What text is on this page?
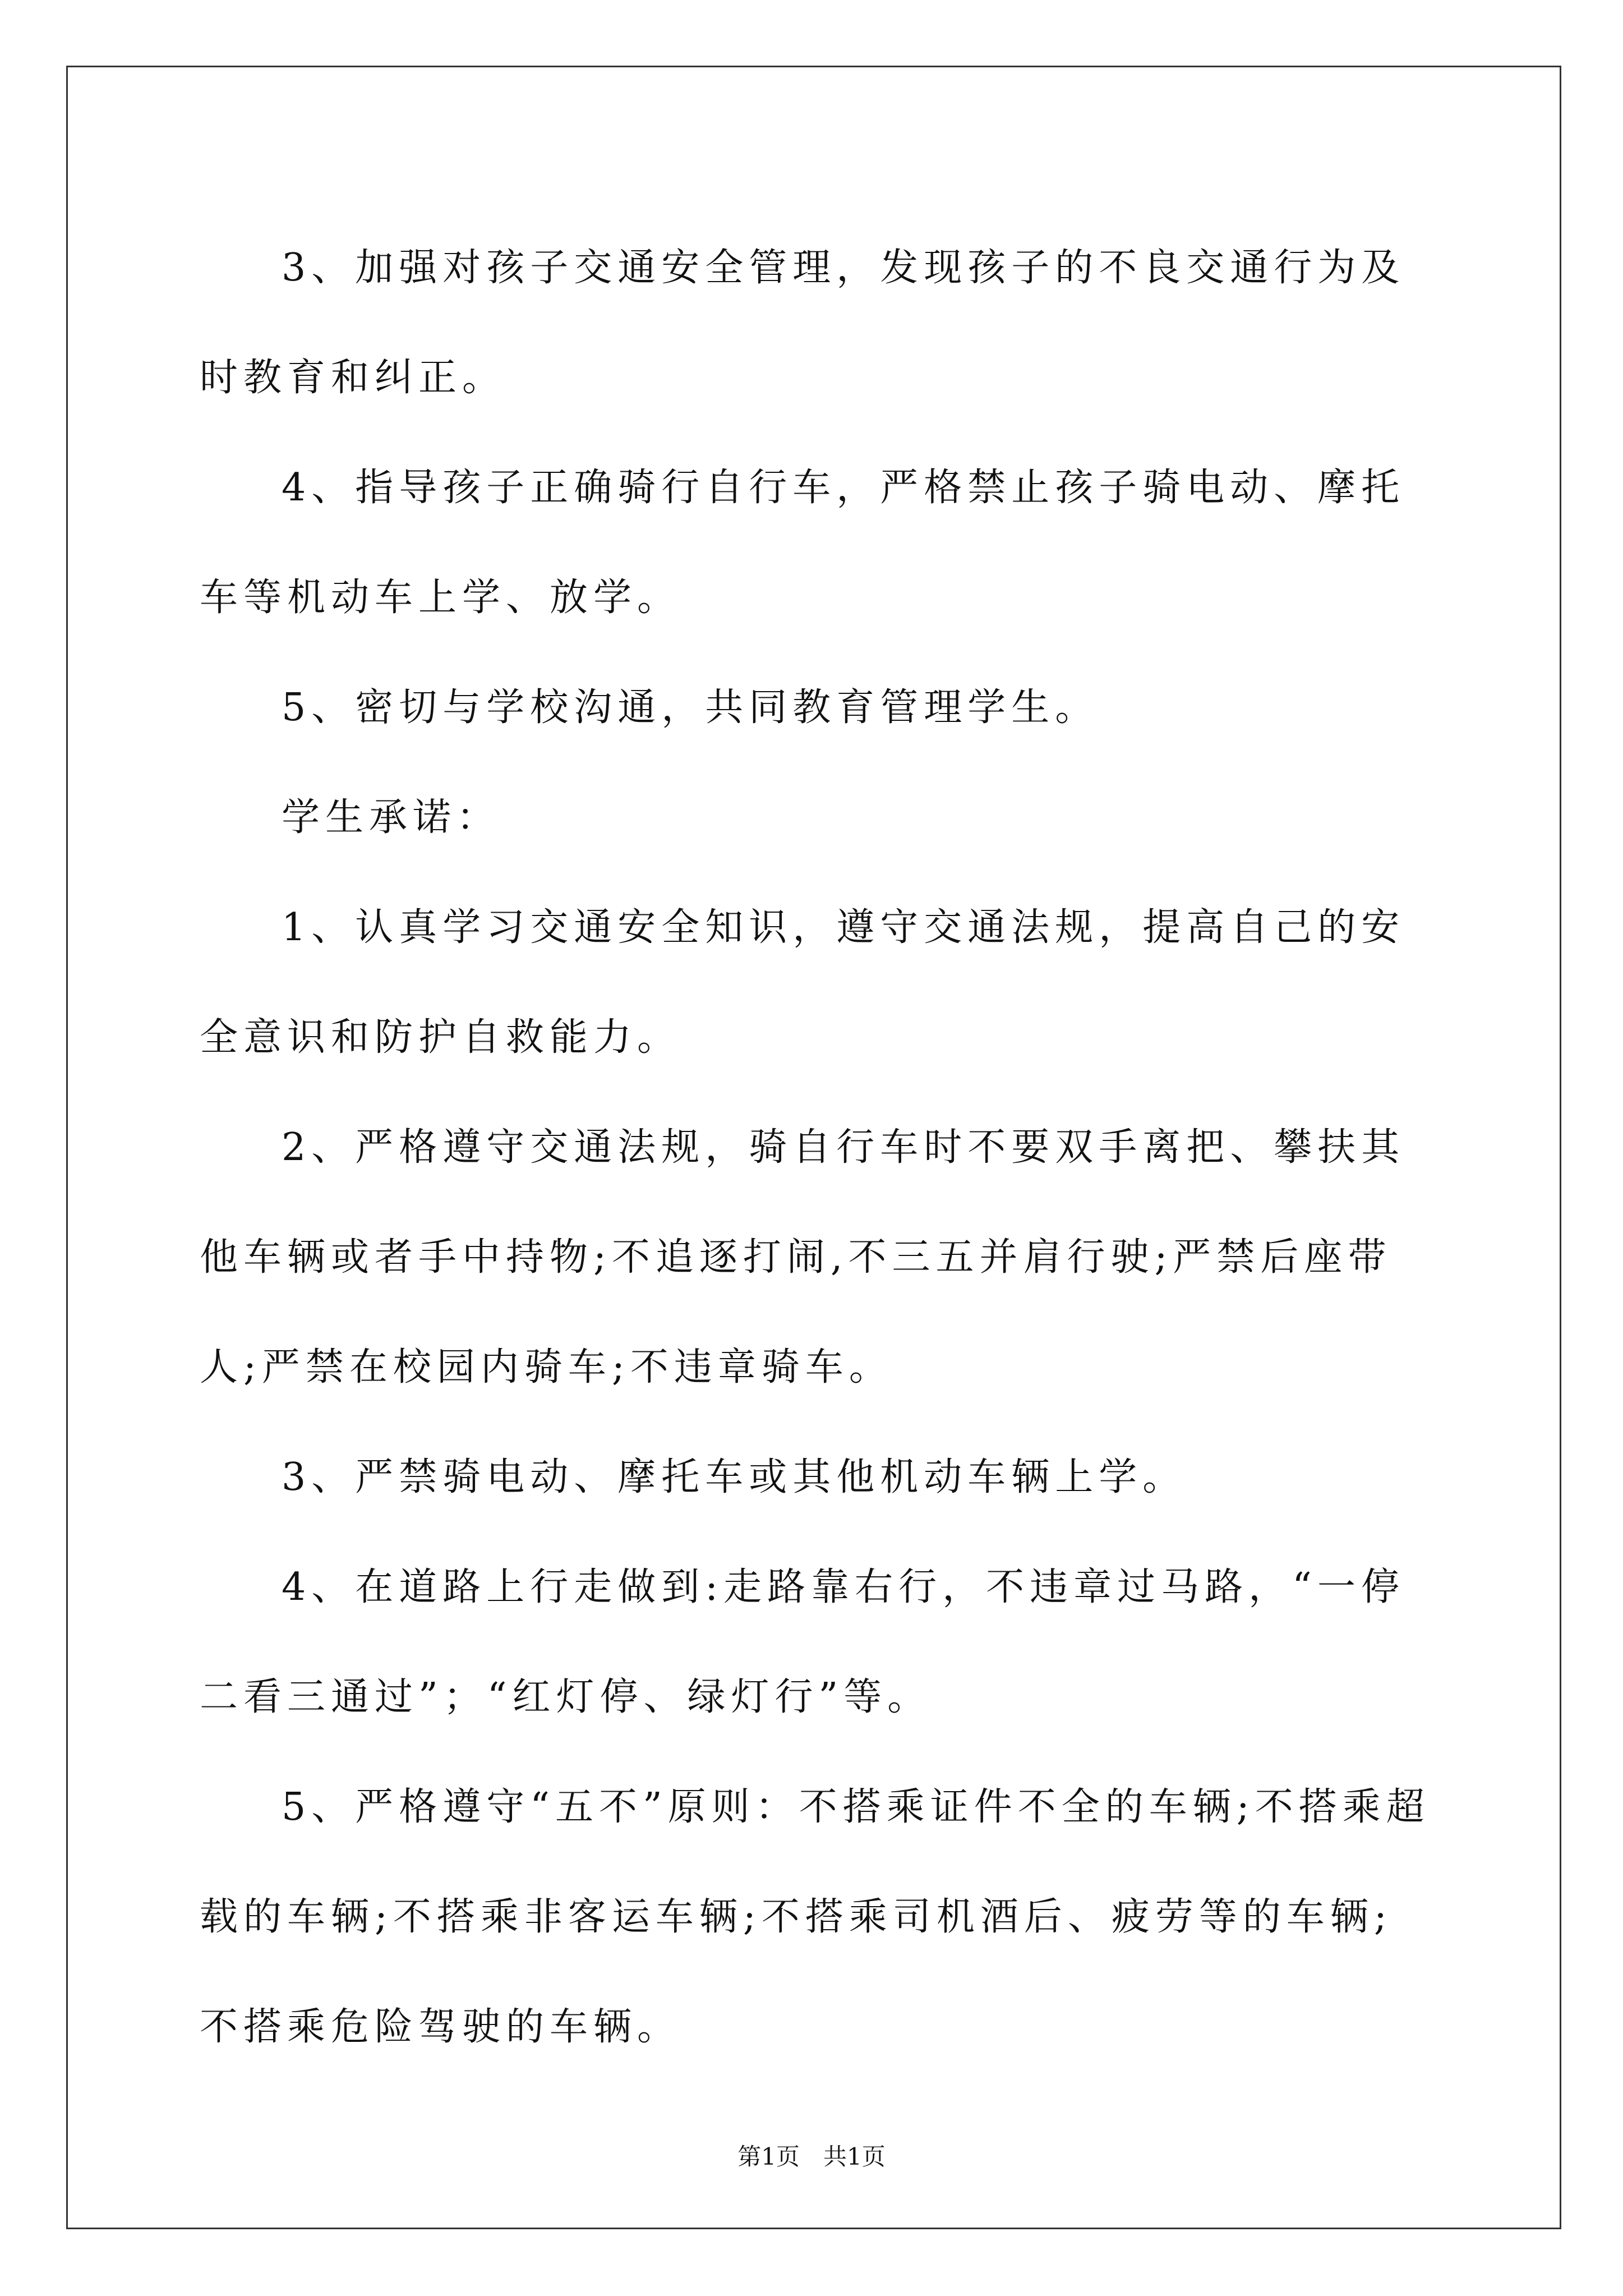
3、加强对孩子交通安全管理，发现孩子的不良交通行为及时教育和纠正。

4、指导孩子正确骑行自行车，严格禁止孩子骑电动、摩托车等机动车上学、放学。

5、密切与学校沟通，共同教育管理学生。

学生承诺：

1、认真学习交通安全知识，遵守交通法规，提高自己的安全意识和防护自救能力。

2、严格遵守交通法规，骑自行车时不要双手离把、攀扶其他车辆或者手中持物;不追逐打闹,不三五并肩行驶;严禁后座带人;严禁在校园内骑车;不违章骑车。

3、严禁骑电动、摩托车或其他机动车辆上学。

4、在道路上行走做到:走路靠右行，不违章过马路，“一停二看三通过”；“红灯停、绿灯行”等。

5、严格遵守“五不”原则：不搭乘证件不全的车辆;不搭乘超载的车辆;不搭乘非客运车辆;不搭乘司机酒后、疲劳等的车辆;不搭乘危险驾驶的车辆。

第1页　共1页
